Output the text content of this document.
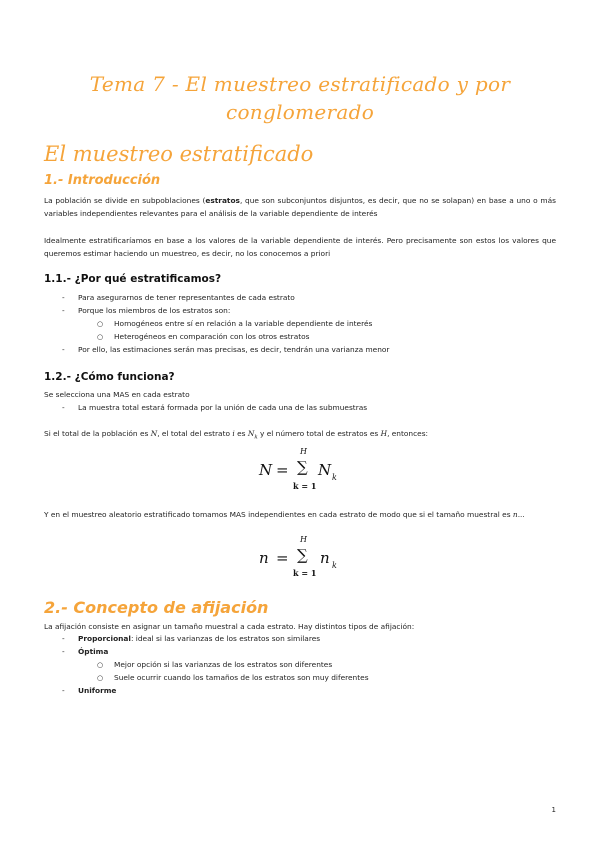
Tema 7 - El muestreo estratificado y por conglomerado
El muestreo estratificado
1.- Introducción

La población se divide en subpoblaciones (estratos, que son subconjuntos disjuntos, es decir, que no se solapan) en base a uno o más variables independientes relevantes para el análisis de la variable dependiente de interés

Idealmente estratificaríamos en base a los valores de la variable dependiente de interés. Pero precisamente son estos los valores que queremos estimar haciendo un muestreo, es decir, no los conocemos a priori

1.1.- ¿Por qué estratificamos?
- Para asegurarnos de tener representantes de cada estrato
- Porque los miembros de los estratos son:
○ Homogéneos entre sí en relación a la variable dependiente de interés
○ Heterogéneos en comparación con los otros estratos
- Por ello, las estimaciones serán mas precisas, es decir, tendrán una varianza menor
1.2.- ¿Cómo funciona?

Se selecciona una MAS en cada estrato

- La muestra total estará formada por la unión de cada una de las submuestras

Si el total de la población es N, el total del estrato i es $N_k$ y el número total de estratos es H, entonces:

H
N = ∑ N k
k = 1

Y en el muestreo aleatorio estratificado tomamos MAS independientes en cada estrato de modo que si el tamaño muestral es n...

H
n = ∑ n k
k = 1
2.- Concepto de afijación

La afijación consiste en asignar un tamaño muestral a cada estrato. Hay distintos tipos de afijación:

- Proporcional: ideal si las varianzas de los estratos son similares
- Óptima
○ Mejor opción si las varianzas de los estratos son diferentes
○ Suele ocurrir cuando los tamaños de los estratos son muy diferentes
- Uniforme
1
